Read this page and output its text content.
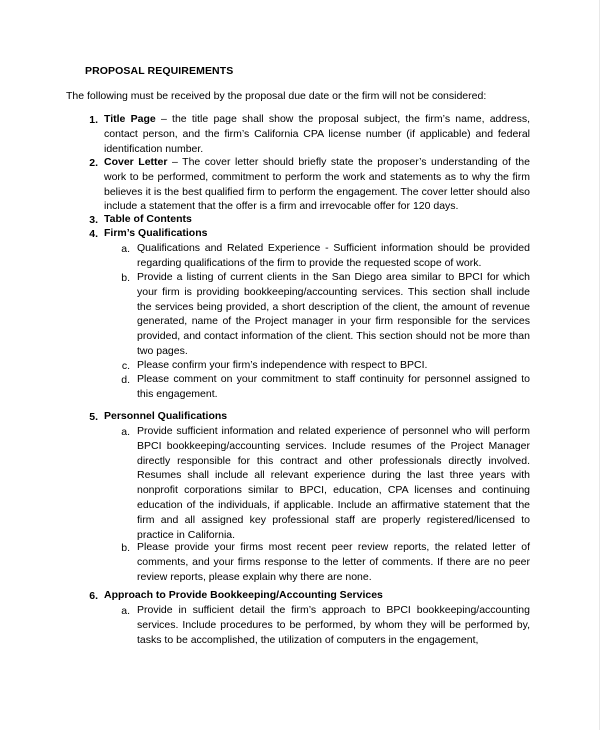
PROPOSAL REQUIREMENTS
The following must be received by the proposal due date or the firm will not be considered:
1. Title Page – the title page shall show the proposal subject, the firm’s name, address, contact person, and the firm’s California CPA license number (if applicable) and federal identification number.
2. Cover Letter – The cover letter should briefly state the proposer’s understanding of the work to be performed, commitment to perform the work and statements as to why the firm believes it is the best qualified firm to perform the engagement. The cover letter should also include a statement that the offer is a firm and irrevocable offer for 120 days.
3. Table of Contents
4. Firm’s Qualifications
a. Qualifications and Related Experience - Sufficient information should be provided regarding qualifications of the firm to provide the requested scope of work.
b. Provide a listing of current clients in the San Diego area similar to BPCI for which your firm is providing bookkeeping/accounting services. This section shall include the services being provided, a short description of the client, the amount of revenue generated, name of the Project manager in your firm responsible for the services provided, and contact information of the client. This section should not be more than two pages.
c. Please confirm your firm’s independence with respect to BPCI.
d. Please comment on your commitment to staff continuity for personnel assigned to this engagement.
5. Personnel Qualifications
a. Provide sufficient information and related experience of personnel who will perform BPCI bookkeeping/accounting services. Include resumes of the Project Manager directly responsible for this contract and other professionals directly involved. Resumes shall include all relevant experience during the last three years with nonprofit corporations similar to BPCI, education, CPA licenses and continuing education of the individuals, if applicable. Include an affirmative statement that the firm and all assigned key professional staff are properly registered/licensed to practice in California.
b. Please provide your firms most recent peer review reports, the related letter of comments, and your firms response to the letter of comments. If there are no peer review reports, please explain why there are none.
6. Approach to Provide Bookkeeping/Accounting Services
a. Provide in sufficient detail the firm’s approach to BPCI bookkeeping/accounting services. Include procedures to be performed, by whom they will be performed by, tasks to be accomplished, the utilization of computers in the engagement,
